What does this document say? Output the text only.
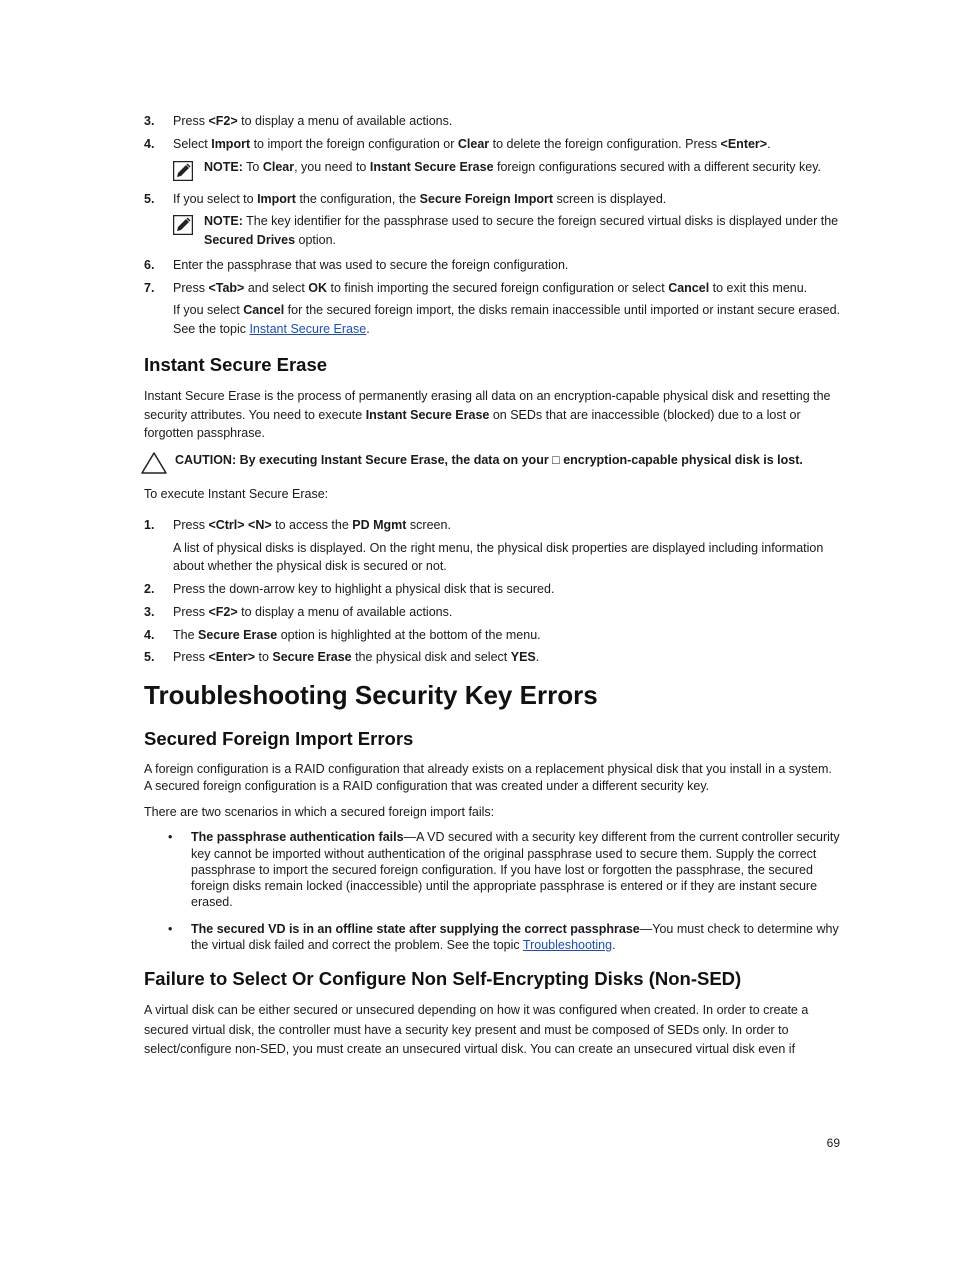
3. Press <F2> to display a menu of available actions.

4. Select Import to import the foreign configuration or Clear to delete the foreign configuration. Press <Enter>.

NOTE: To Clear, you need to Instant Secure Erase foreign configurations secured with a different security key.

5. If you select to Import the configuration, the Secure Foreign Import screen is displayed.

NOTE: The key identifier for the passphrase used to secure the foreign secured virtual disks is displayed under the Secured Drives option.

6. Enter the passphrase that was used to secure the foreign configuration.

7. Press <Tab> and select OK to finish importing the secured foreign configuration or select Cancel to exit this menu.

If you select Cancel for the secured foreign import, the disks remain inaccessible until imported or instant secure erased. See the topic Instant Secure Erase.

Instant Secure Erase

Instant Secure Erase is the process of permanently erasing all data on an encryption-capable physical disk and resetting the security attributes. You need to execute Instant Secure Erase on SEDs that are inaccessible (blocked) due to a lost or forgotten passphrase.

CAUTION: By executing Instant Secure Erase, the data on your □ encryption-capable physical disk is lost.

To execute Instant Secure Erase:

1. Press <Ctrl> <N> to access the PD Mgmt screen.

A list of physical disks is displayed. On the right menu, the physical disk properties are displayed including information about whether the physical disk is secured or not.

2. Press the down-arrow key to highlight a physical disk that is secured.

3. Press <F2> to display a menu of available actions.

4. The Secure Erase option is highlighted at the bottom of the menu.

5. Press <Enter> to Secure Erase the physical disk and select YES.

Troubleshooting Security Key Errors
Secured Foreign Import Errors

A foreign configuration is a RAID configuration that already exists on a replacement physical disk that you install in a system. A secured foreign configuration is a RAID configuration that was created under a different security key.

There are two scenarios in which a secured foreign import fails:

• The passphrase authentication fails—A VD secured with a security key different from the current controller security key cannot be imported without authentication of the original passphrase used to secure them. Supply the correct passphrase to import the secured foreign configuration. If you have lost or forgotten the passphrase, the secured foreign disks remain locked (inaccessible) until the appropriate passphrase is entered or if they are instant secure erased.
• The secured VD is in an offline state after supplying the correct passphrase—You must check to determine why the virtual disk failed and correct the problem. See the topic Troubleshooting.
Failure to Select Or Configure Non Self-Encrypting Disks (Non-SED)

A virtual disk can be either secured or unsecured depending on how it was configured when created. In order to create a secured virtual disk, the controller must have a security key present and must be composed of SEDs only. In order to select/configure non-SED, you must create an unsecured virtual disk. You can create an unsecured virtual disk even if

69
